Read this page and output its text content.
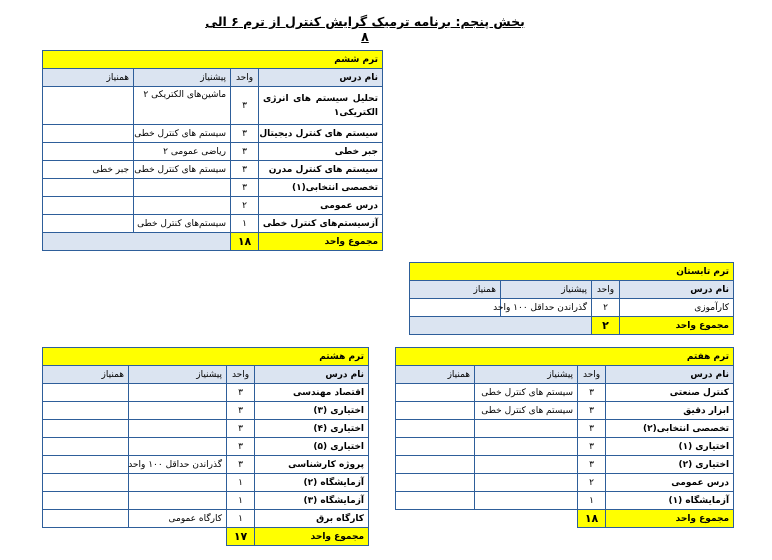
بخش پنجم: برنامه ترمیک گرایش کنترل از ترم ۶ الی ۸
ترم ششم			
نام درس	واحد	پیشنیاز	همنیاز

تحلیل سیستم های انرژی
الکتریکی۱	۳	ماشین‌های الکتریکی ۲	
سیستم های کنترل دیجیتال	۳	سیستم های کنترل خطی	
جبر خطی	۳	ریاضی عمومی ۲	
سیستم های کنترل مدرن	۳	سیستم های کنترل خطی	جبر خطی
تخصصی انتخابی(۱)	۳		
درس عمومی	۲		
آزسیستم‌های کنترل خطی	۱	سیستم‌های کنترل خطی	
مجموع واحد	۱۸		
ترم تابستان			
نام درس	واحد	پیشنیاز	همنیاز
کارآموزی	۲	گذراندن حداقل ۱۰۰ واحد	
مجموع واحد	۲		
ترم هفتم			
نام درس	واحد	پیشنیاز	همنیاز
کنترل صنعتی	۳	سیستم های کنترل خطی	
ابزار دقیق	۳	سیستم های کنترل خطی	
تخصصی انتخابی(۲)	۳		
اختیاری (۱)	۳		
اختیاری (۲)	۳		
درس عمومی	۲		
آزمایشگاه (۱)	۱		
مجموع واحد	۱۸		
ترم هشتم			
نام درس	واحد	پیشنیاز	همنیاز
اقتصاد مهندسی	۳		
اختیاری (۳)	۳		
اختیاری (۴)	۳		
اختیاری (۵)	۳		
پروژه کارشناسی	۳	گذراندن حداقل ۱۰۰ واحد	
آزمایشگاه (۲)	۱		
آزمایشگاه (۳)	۱		
کارگاه برق	۱	کارگاه عمومی	
مجموع واحد	۱۷		
